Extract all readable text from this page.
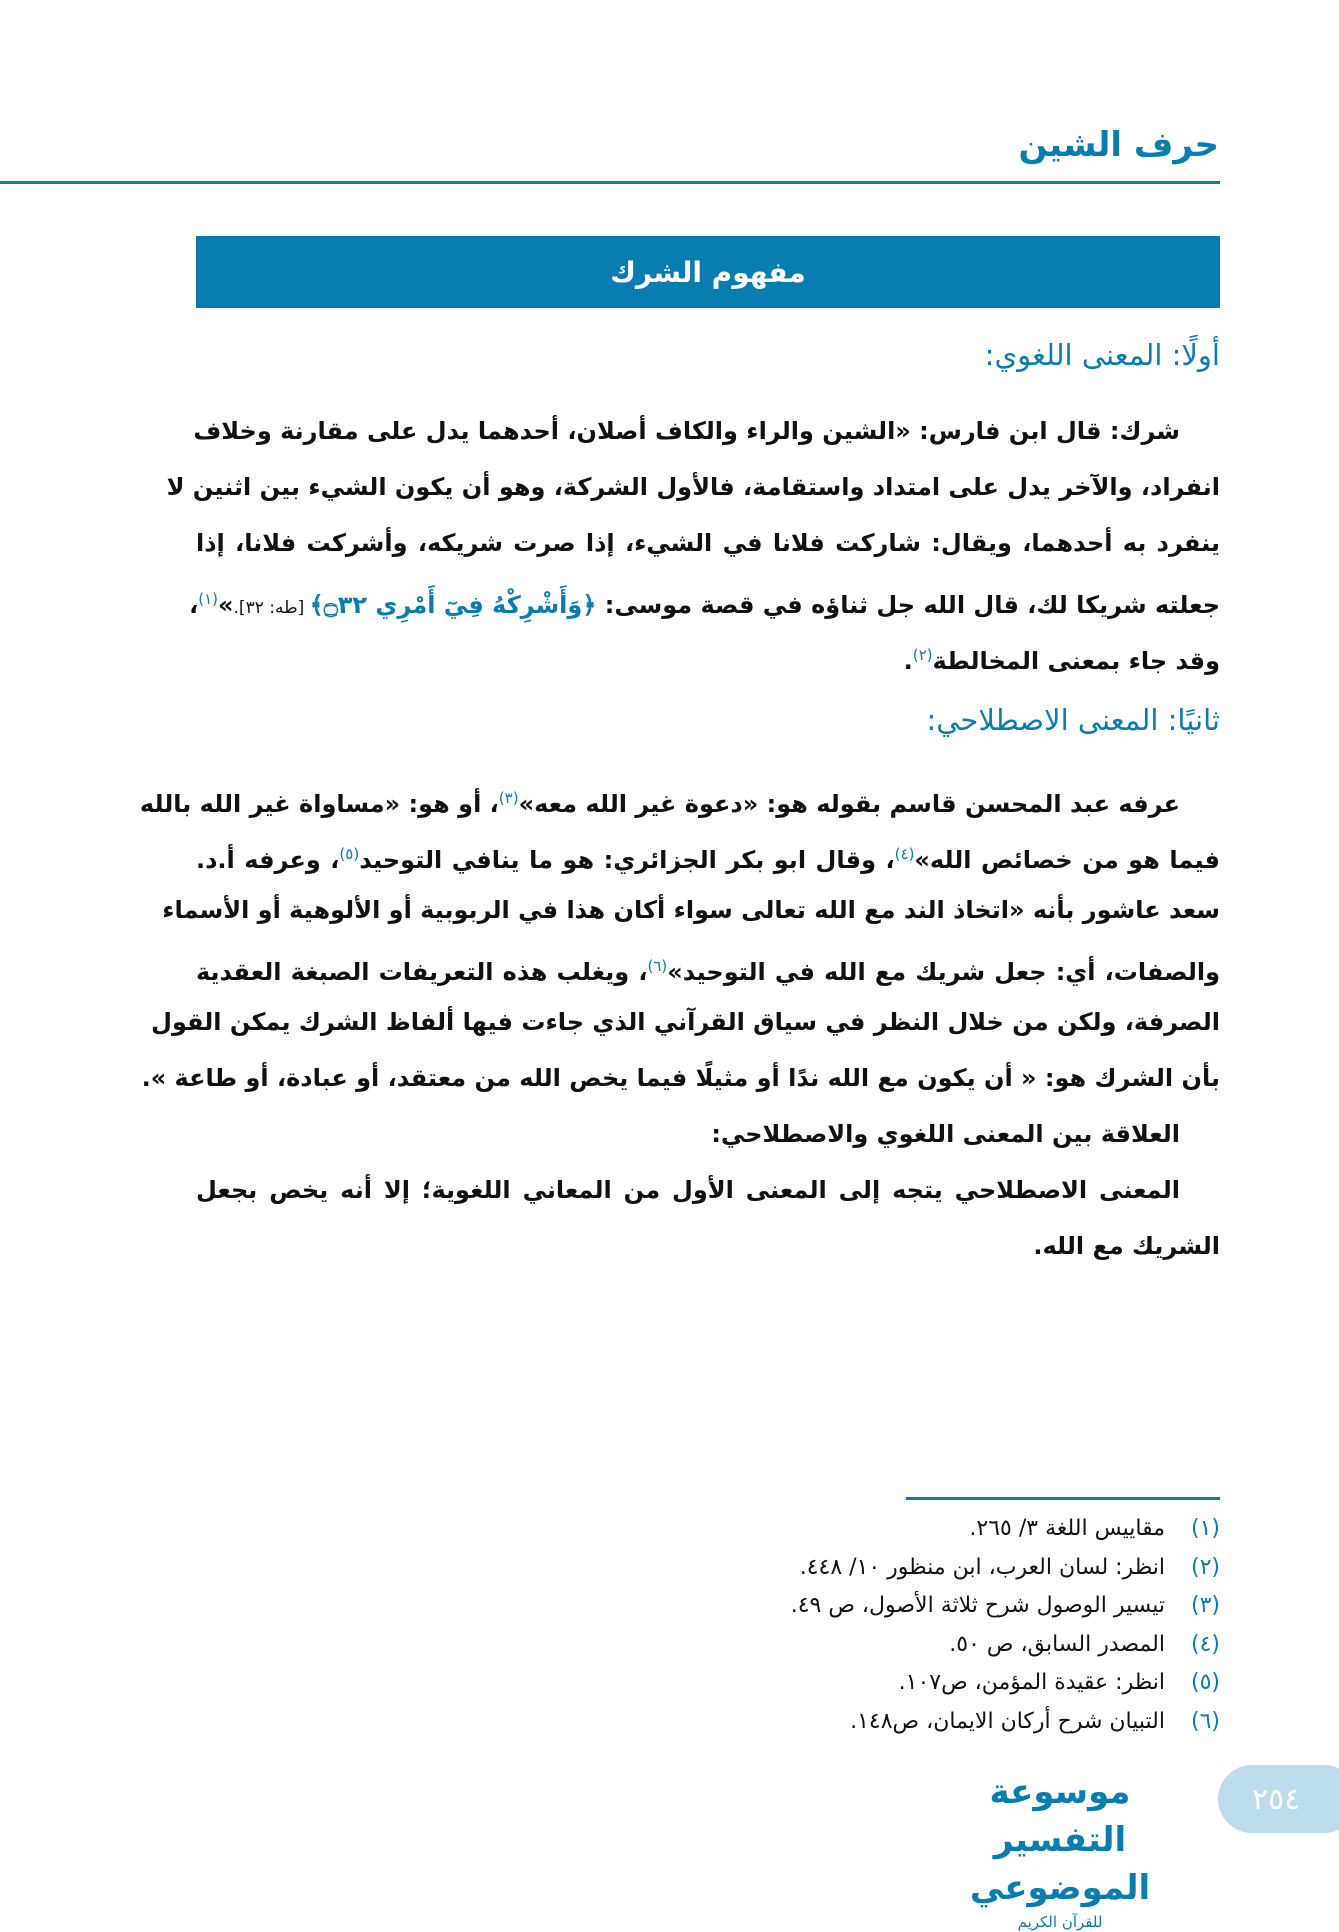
حرف الشين
مفهوم الشرك
أولًا: المعنى اللغوي:
شرك: قال ابن فارس: «الشين والراء والكاف أصلان، أحدهما يدل على مقارنة وخلاف
انفراد، والآخر يدل على امتداد واستقامة، فالأول الشركة، وهو أن يكون الشيء بين اثنين لا
ينفرد به أحدهما، ويقال: شاركت فلانا في الشيء، إذا صرت شريكه، وأشركت فلانا، إذا
جعلته شريكا لك، قال الله جل ثناؤه في قصة موسى: ﴿وَأَشْرِكْهُ فِيٓ أَمْرِي ۝٣٢﴾ [طه: ٣٢].»$^{(١)}$،
وقد جاء بمعنى المخالطة$^{(٢)}$.
ثانيًا: المعنى الاصطلاحي:
عرفه عبد المحسن قاسم بقوله هو: «دعوة غير الله معه»$^{(٣)}$، أو هو: «مساواة غير الله بالله
فيما هو من خصائص الله»$^{(٤)}$، وقال ابو بكر الجزائري: هو ما ينافي التوحيد$^{(٥)}$، وعرفه أ.د.
سعد عاشور بأنه «اتخاذ الند مع الله تعالى سواء أكان هذا في الربوبية أو الألوهية أو الأسماء
والصفات، أي: جعل شريك مع الله في التوحيد»$^{(٦)}$، ويغلب هذه التعريفات الصبغة العقدية
الصرفة، ولكن من خلال النظر في سياق القرآني الذي جاءت فيها ألفاظ الشرك يمكن القول
بأن الشرك هو: « أن يكون مع الله ندًا أو مثيلًا فيما يخص الله من معتقد، أو عبادة، أو طاعة ».
العلاقة بين المعنى اللغوي والاصطلاحي:
المعنى الاصطلاحي يتجه إلى المعنى الأول من المعاني اللغوية؛ إلا أنه يخص بجعل
الشريك مع الله.
(١)
مقاييس اللغة ٣/ ٢٦٥.
(٢)
انظر: لسان العرب، ابن منظور ١٠/ ٤٤٨.
(٣)
تيسير الوصول شرح ثلاثة الأصول، ص ٤٩.
(٤)
المصدر السابق، ص ٥٠.
(٥)
انظر: عقيدة المؤمن، ص١٠٧.
(٦)
التبيان شرح أركان الايمان، ص١٤٨.
موسوعة التفسير الموضوعي
للقرآن الكريم
٢٥٤
